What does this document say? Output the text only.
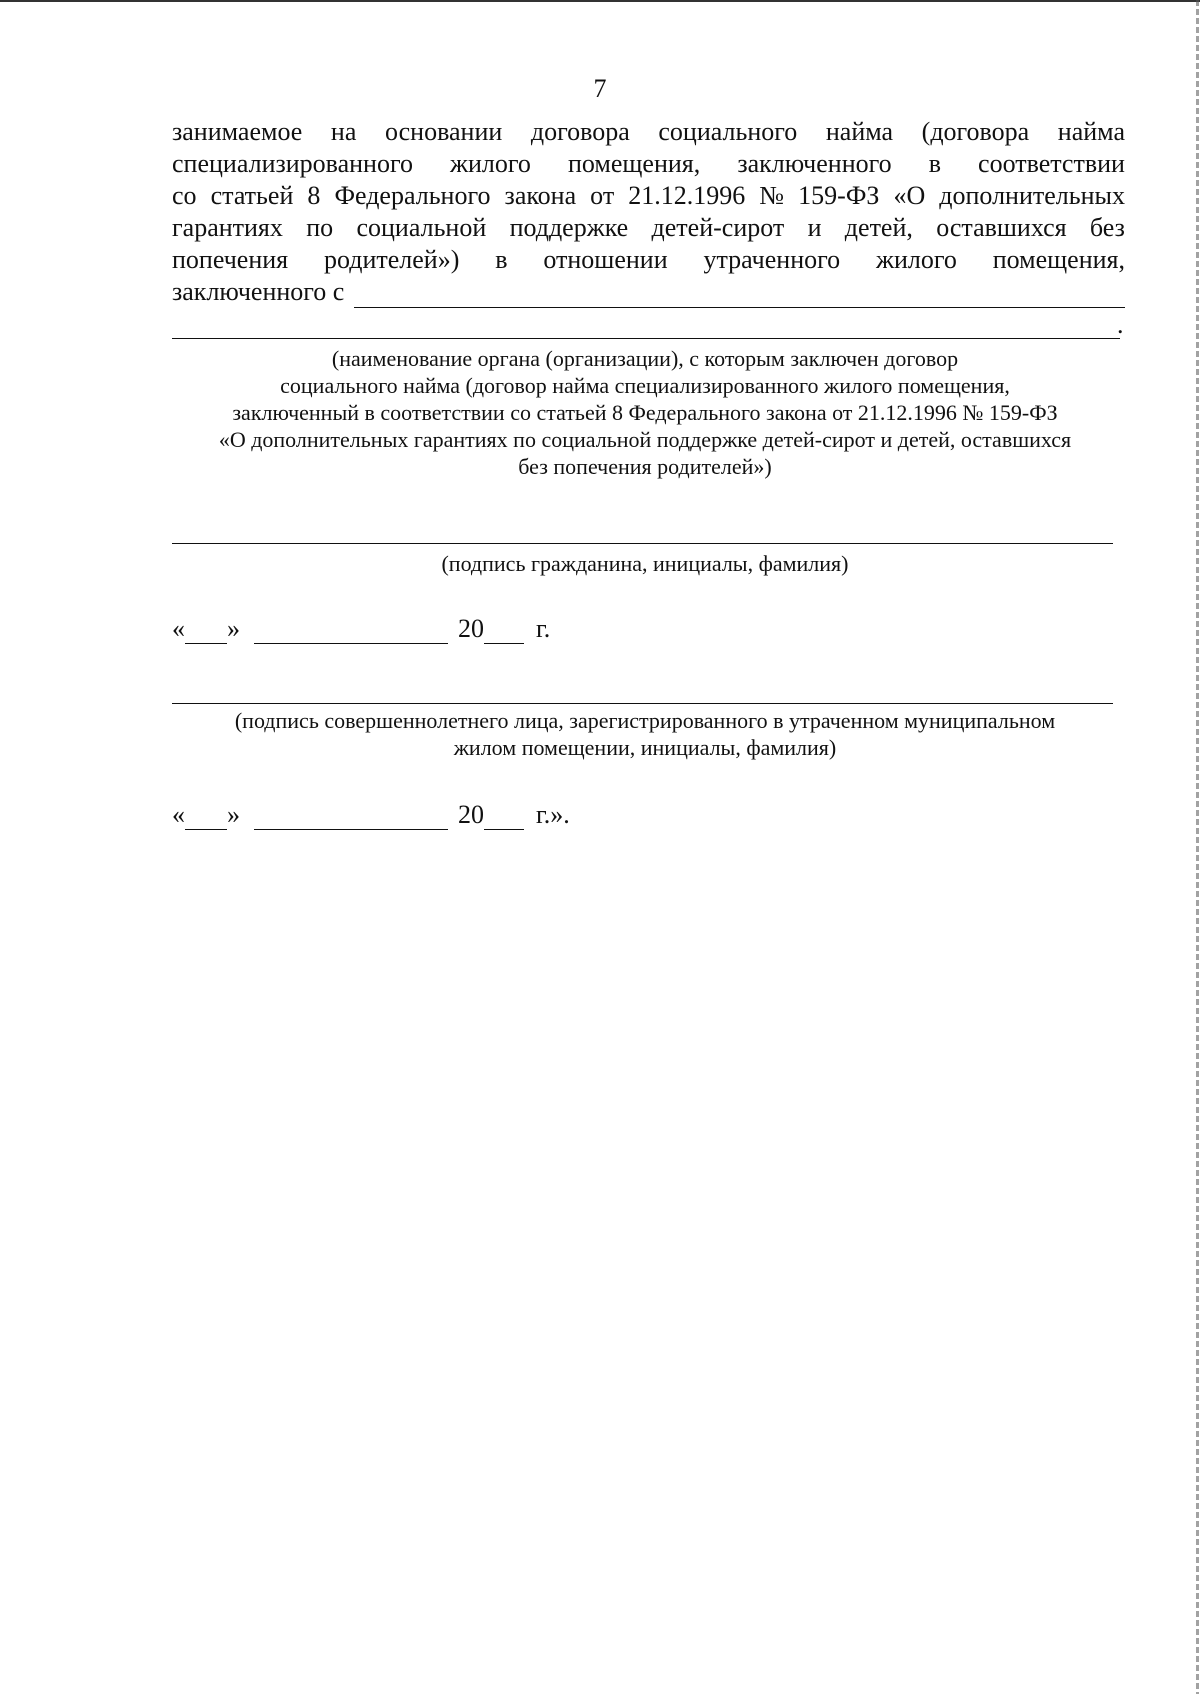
7
занимаемое на основании договора социального найма (договора найма
специализированного жилого помещения, заключенного в соответствии
со статьей 8 Федерального закона от 21.12.1996 № 159-ФЗ «О дополнительных
гарантиях по социальной поддержке детей-сирот и детей, оставшихся без
попечения родителей») в отношении утраченного жилого помещения,
заключенного с
.
(наименование органа (организации), с которым заключен договор
социального найма (договор найма специализированного жилого помещения,
заключенный в соответствии со статьей 8 Федерального закона от 21.12.1996 № 159-ФЗ
«О дополнительных гарантиях по социальной поддержке детей-сирот и детей, оставшихся
без попечения родителей»)
(подпись гражданина, инициалы, фамилия)
« »	20 г.
(подпись совершеннолетнего лица, зарегистрированного в утраченном муниципальном
жилом помещении, инициалы, фамилия)
« »	20 г.».
